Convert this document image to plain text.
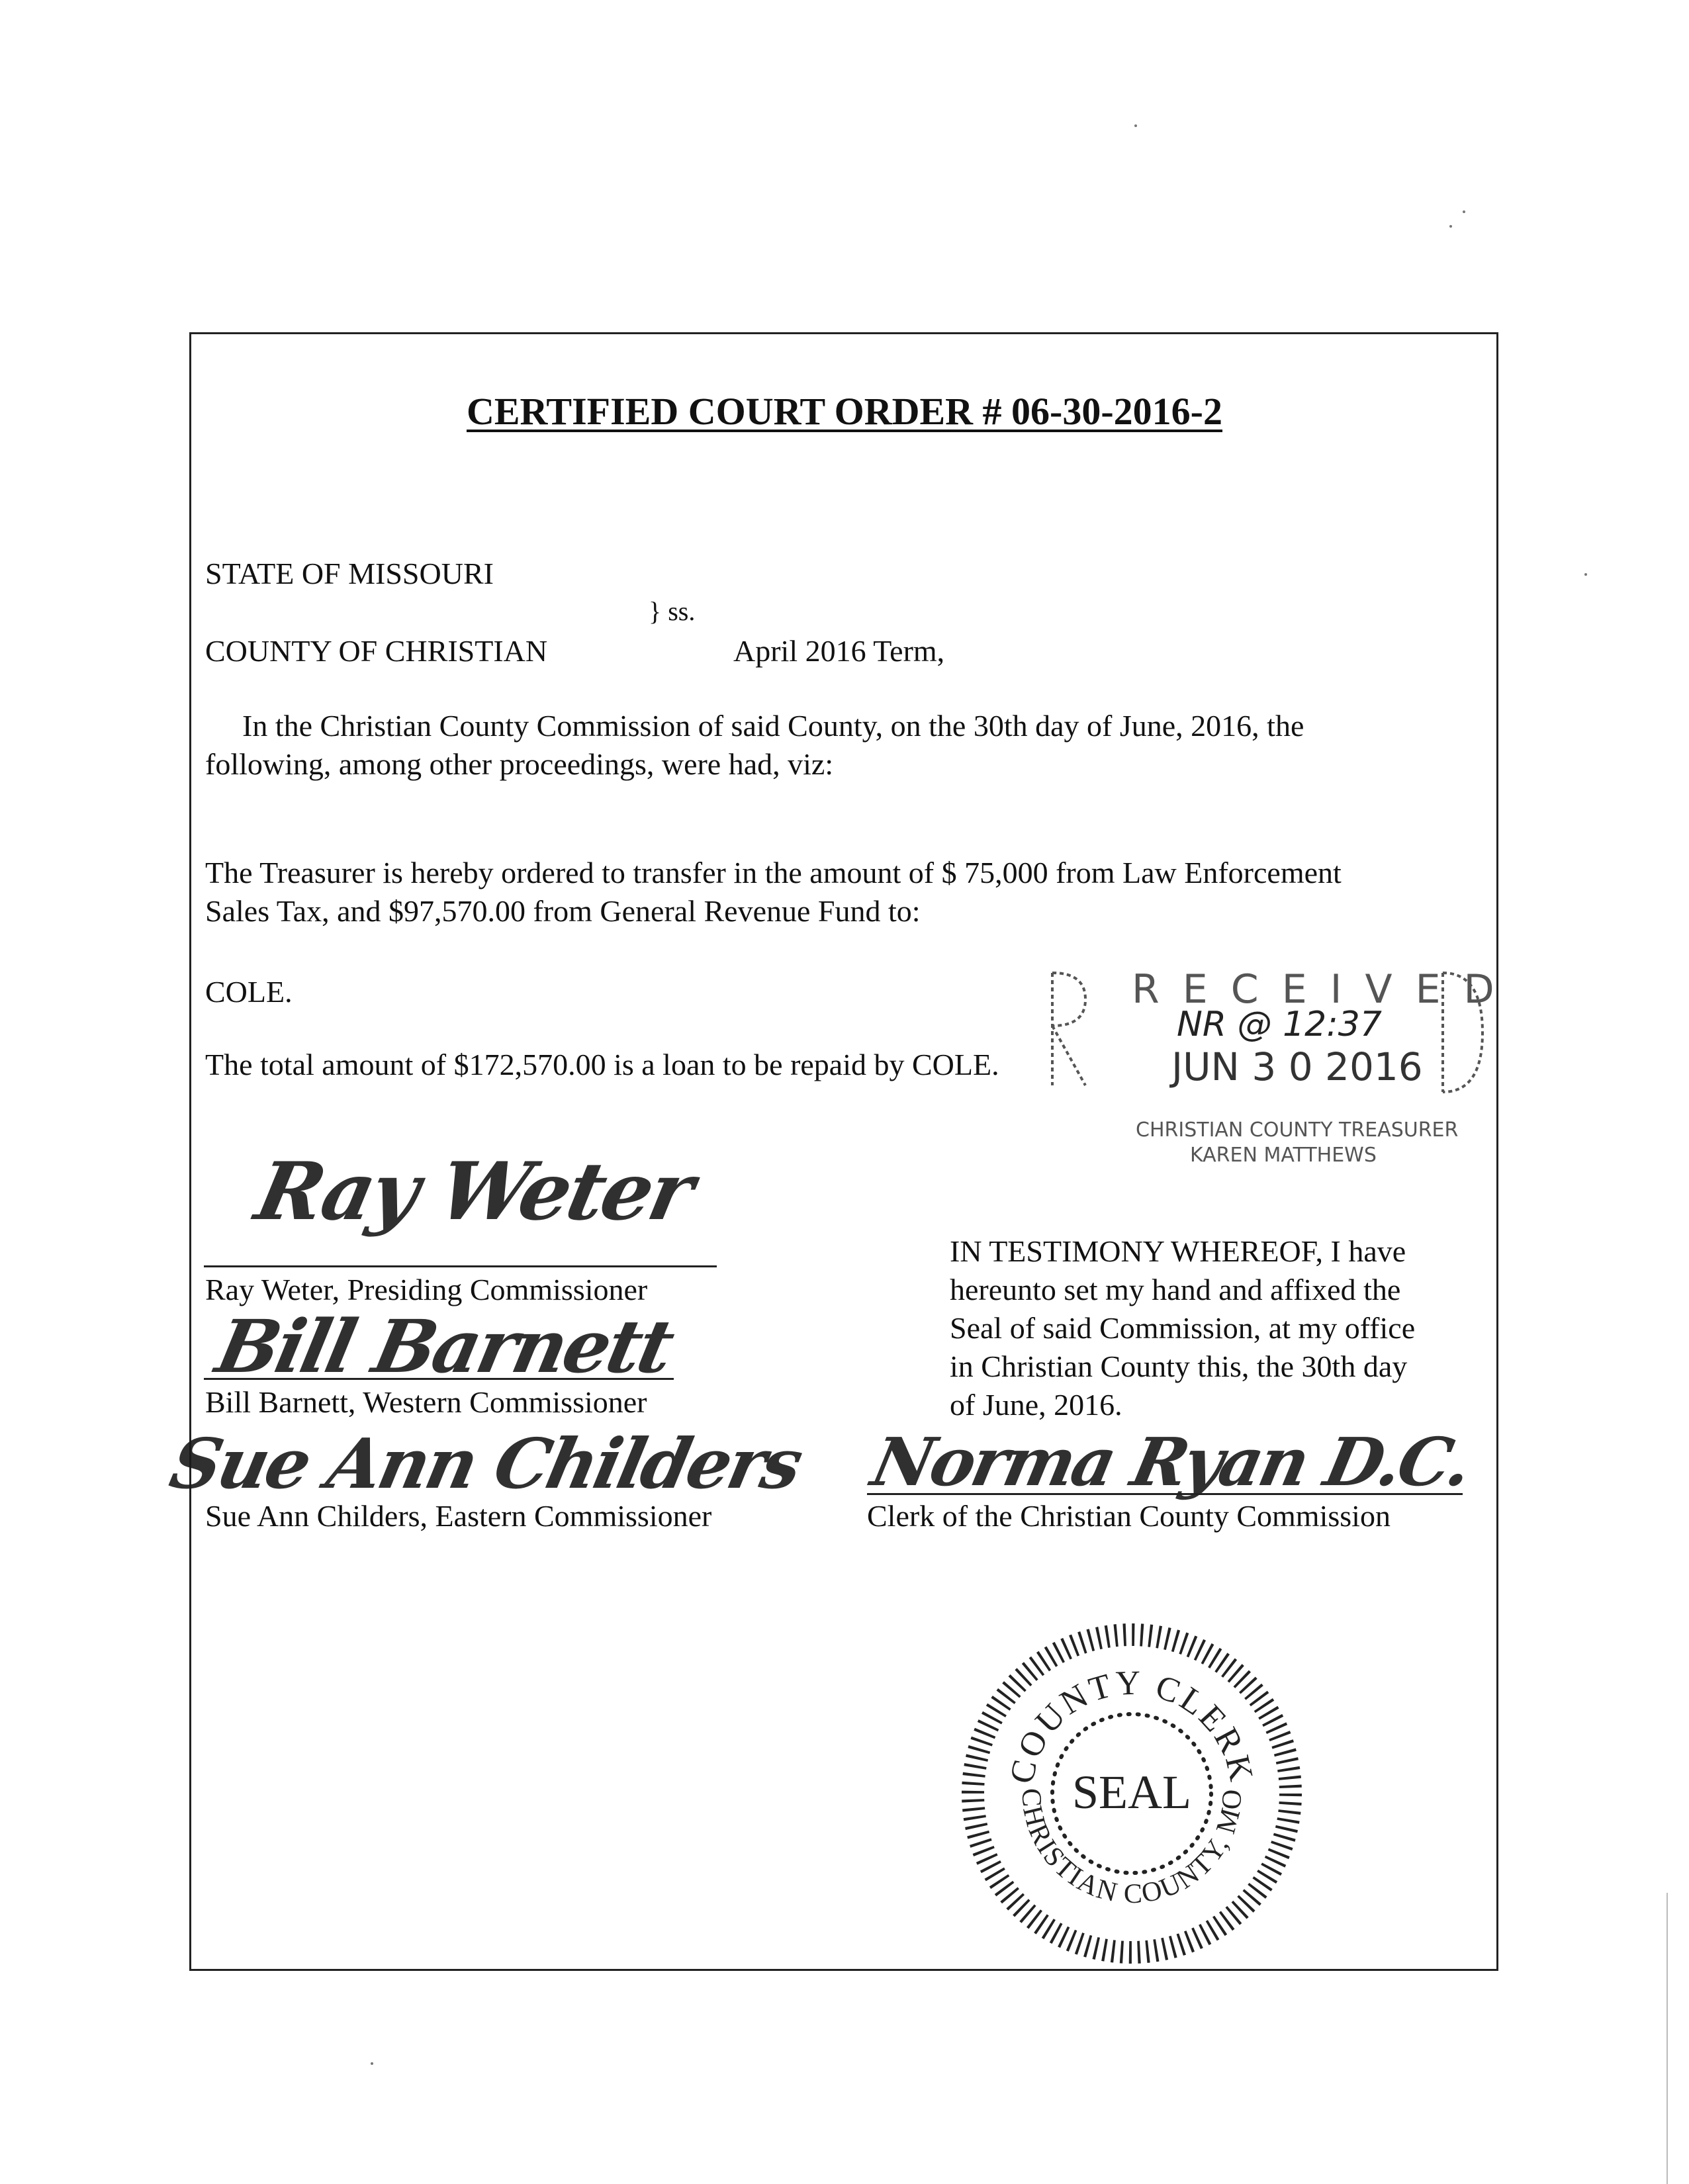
CERTIFIED COURT ORDER # 06-30-2016-2
STATE OF MISSOURI
} ss.
COUNTY OF CHRISTIAN	April 2016 Term,
In the Christian County Commission of said County, on the 30th day of June, 2016, the
following, among other proceedings, were had, viz:
The Treasurer is hereby ordered to transfer in the amount of $ 75,000 from Law Enforcement
Sales Tax, and $97,570.00 from General Revenue Fund to:
COLE.
The total amount of $172,570.00 is a loan to be repaid by COLE.
R E C E I V E D
NR @ 12:37
JUN 3 0 2016
CHRISTIAN COUNTY TREASURER
KAREN MATTHEWS
Ray Weter
Ray Weter, Presiding Commissioner
Bill Barnett
Bill Barnett, Western Commissioner
Sue Ann Childers
Sue Ann Childers, Eastern Commissioner
IN TESTIMONY WHEREOF, I have
hereunto set my hand and affixed the
Seal of said Commission, at my office
in Christian County this, the 30th day
of June, 2016.
Norma Ryan D.C.
Clerk of the Christian County Commission
COUNTY CLERK
CHRISTIAN COUNTY, MO
SEAL
